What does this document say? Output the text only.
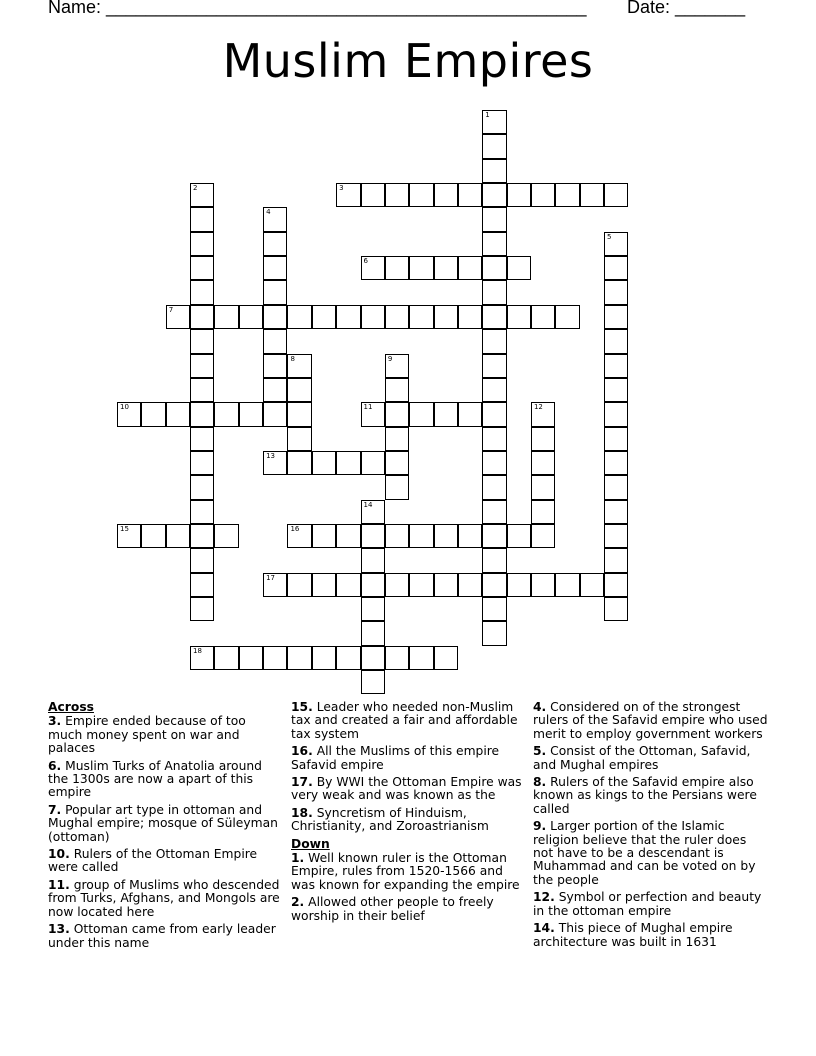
Name: ________________________________________________ Date: _______
Muslim Empires
1
2	3
4
5
6
7
8	9
10	11	12
13
14
15	16
17
18
Across
3. Empire ended because of too much money spent on war and palaces
6. Muslim Turks of Anatolia around the 1300s are now a apart of this empire
7. Popular art type in ottoman and Mughal empire; mosque of Süleyman (ottoman)
10. Rulers of the Ottoman Empire were called
11. group of Muslims who descended from Turks, Afghans, and Mongols are now located here
13. Ottoman came from early leader under this name
15. Leader who needed non-Muslim tax and created a fair and affordable tax system
16. All the Muslims of this empire Safavid empire
17. By WWI the Ottoman Empire was very weak and was known as the
18. Syncretism of Hinduism, Christianity, and Zoroastrianism
Down
1. Well known ruler is the Ottoman Empire, rules from 1520-1566 and was known for expanding the empire
2. Allowed other people to freely worship in their belief
4. Considered on of the strongest rulers of the Safavid empire who used merit to employ government workers
5. Consist of the Ottoman, Safavid, and Mughal empires
8. Rulers of the Safavid empire also known as kings to the Persians were called
9. Larger portion of the Islamic religion believe that the ruler does not have to be a descendant is Muhammad and can be voted on by the people
12. Symbol or perfection and beauty in the ottoman empire
14. This piece of Mughal empire architecture was built in 1631
